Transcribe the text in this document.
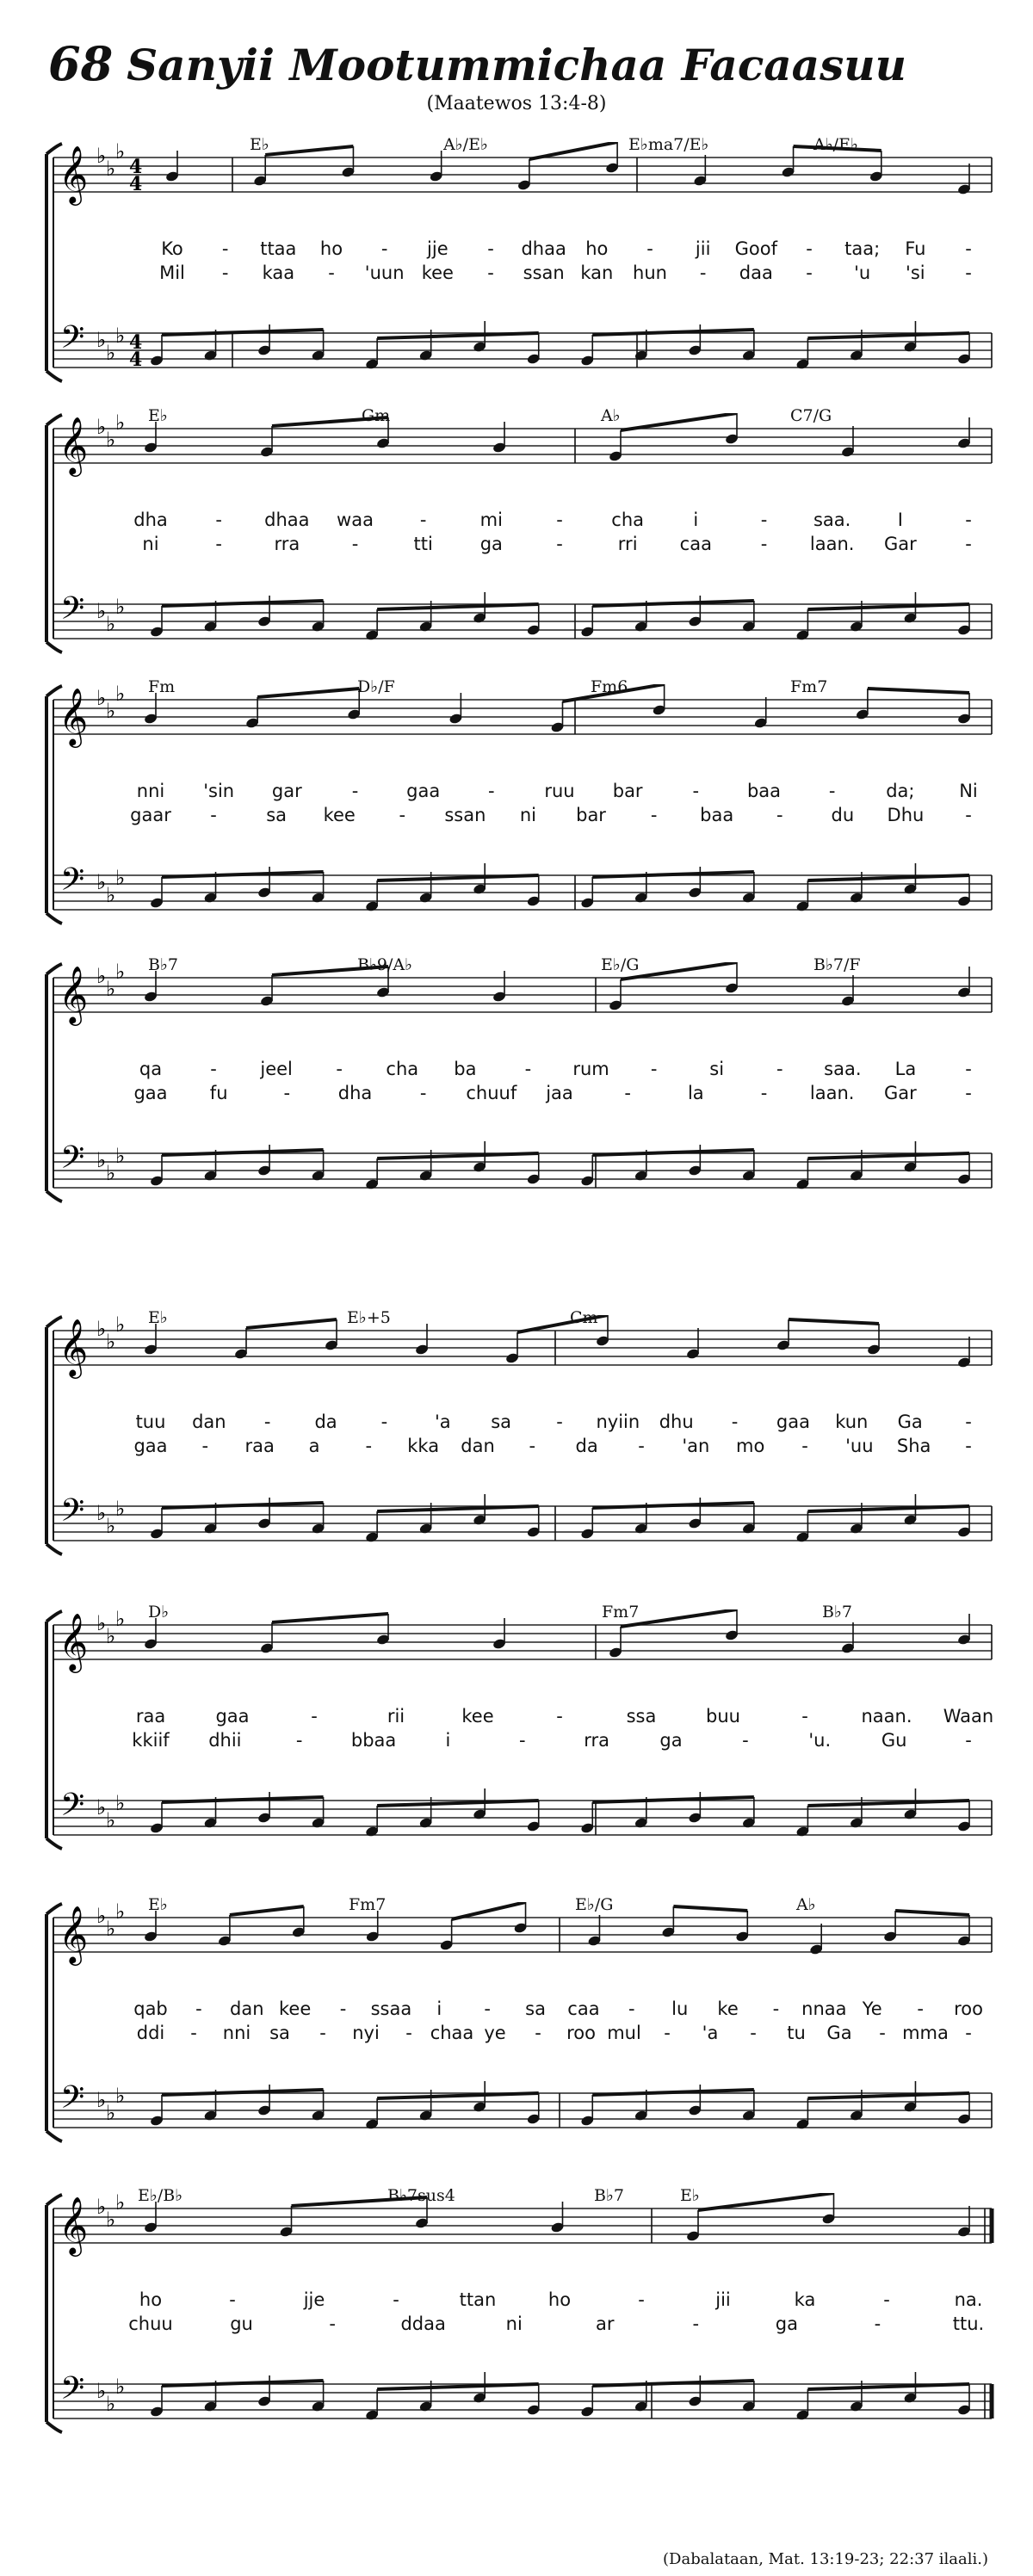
68 Sanyii Mootummichaa Facaasuu
(Maatewos 13:4-8)
𝄞
𝄢
♭
♭
♭
♭
♭
♭
4
4
4
4
E♭	A♭/E♭	E♭ma7/E♭	A♭/E♭
Ko - ttaa ho - jje - dhaa ho - jii Goof - taa; Fu -
Mil - kaa - 'uun kee - ssan kan hun - daa - 'u 'si -
𝄞
𝄢
♭
♭
♭
♭
♭
♭
E♭	Gm	A♭	C7/G
dha	- dhaa waa	-	mi	-	cha	i	-	saa.	I	-
ni	-	rra	-	tti	ga	-	rri caa	- laan. Gar	-
𝄞
𝄢
♭
♭
♭
♭
♭
♭
Fm	D♭/F	Fm6	Fm7
nni 'sin gar	-	gaa	-	ruu bar	-	baa	-	da; Ni
gaar -	sa kee - ssan ni bar - baa -	du Dhu -
𝄞
𝄢
♭
♭
♭
♭
♭
♭
B♭7	B♭9/A♭	E♭/G	B♭7/F
qa	- jeel - cha ba	- rum -	si	- saa. La	-
gaa fu	-	dha	- chuuf jaa	-	la	- laan. Gar	-
𝄞
𝄢
♭
♭
♭
♭
♭
♭
E♭	E♭+5	Cm
tuu dan - da -	'a sa - nyiin dhu - gaa kun Ga -
gaa - raa a	- kka dan - da - 'an mo - 'uu Sha -
𝄞
𝄢
♭
♭
♭
♭
♭
♭
D♭	Fm7	B♭7
raa	gaa	-	rii	kee	-	ssa	buu	-	naan. Waan
kkiif dhii	-	bbaa	i	-	rra	ga	-	'u.	Gu	-
𝄞
𝄢
♭
♭
♭
♭
♭
♭
E♭	Fm7	E♭/G	A♭
qab - dan kee - ssaa i - sa caa - lu ke - nnaa Ye - roo
ddi - nni sa - nyi - chaa ye - roo mul - 'a - tu Ga - mma -
𝄞
𝄢
♭
♭
♭
♭
♭
♭
E♭/B♭	B♭7sus4	B♭7	E♭
ho	-	jje	-	ttan	ho	-	jii	ka	-	na.
chuu	gu	-	ddaa	ni	ar	-	ga	-	ttu.
(Dabalataan, Mat. 13:19-23; 22:37 ilaali.)
